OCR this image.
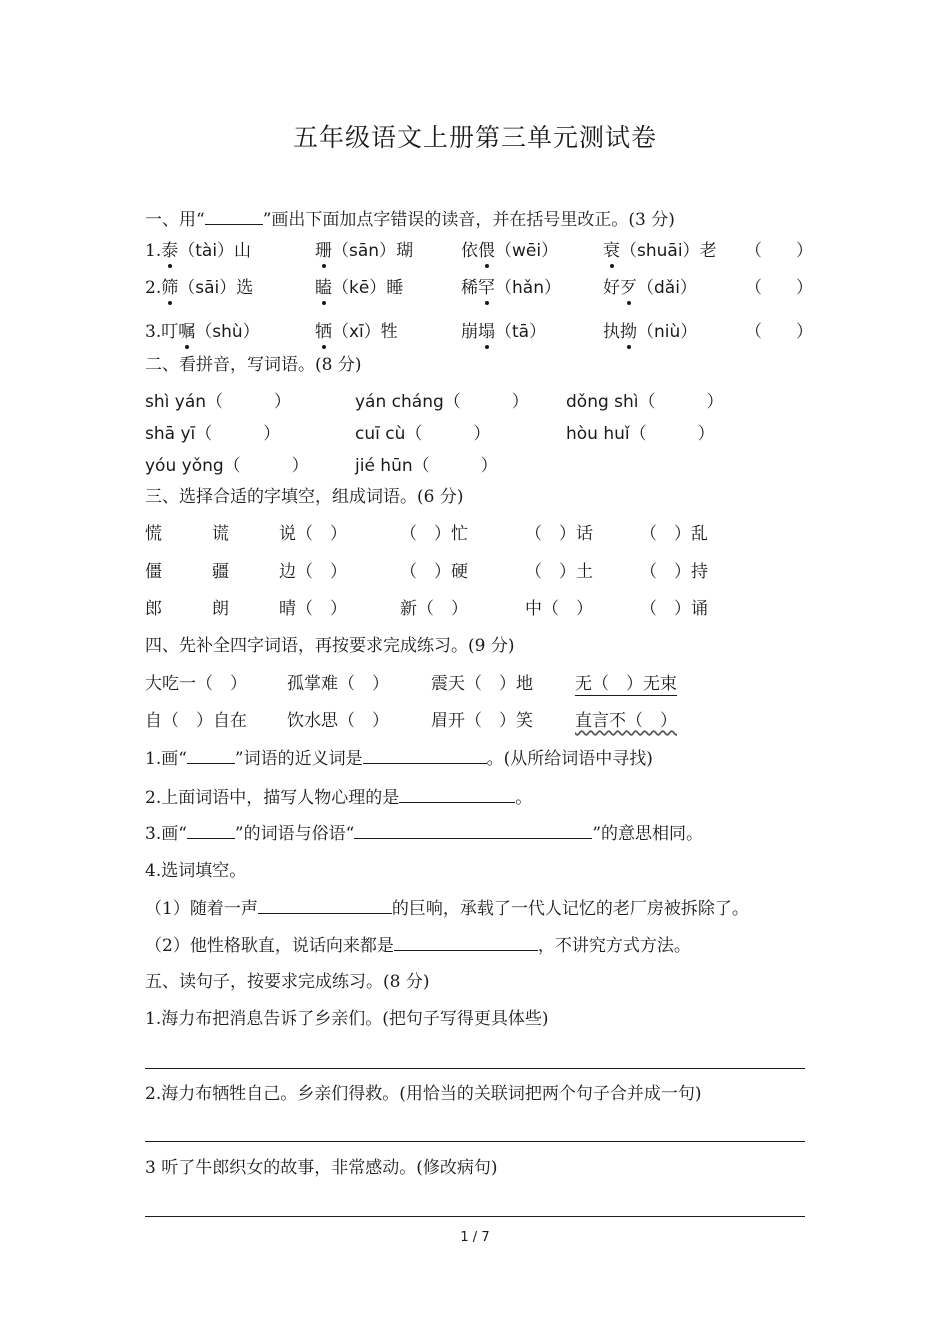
五年级语文上册第三单元测试卷
一、用“	”画出下面加点字错误的读音，并在括号里改正。(3 分)
1.泰（tài）山	珊（sān）瑚	依偎（wēi）	衰（shuāi）老 （　　）
2.筛（sāi）选	瞌（kē）睡	稀罕（hǎn） 好歹（dǎi）	（　　）
3.叮嘱（shù）	牺（xī）牲	崩塌（tā）	执拗（niù）	（　　）
二、看拼音，写词语。(8 分)
shì yán（　　　）	yán cháng（　　　） dǒng shì（　　　）
shā yī（　　　）	cuī cù（　　　）	hòu huǐ（　　　）
yóu yǒng（　　　）	jié hūn（　　　）
三、选择合适的字填空，组成词语。(6 分)
慌	谎	说（　）	（　）忙	（　）话	（　）乱
僵	疆	边（　）	（　）硬	（　）土	（　）持
郎	朗	晴（　）	新（　）	中（　）	（　）诵
四、先补全四字词语，再按要求完成练习。(9 分)
大吃一（　） 孤掌难（　） 震天（　）地 无（　）无束
自（　）自在 饮水思（　） 眉开（　）笑 直言不（　）
1.画“	”词语的近义词是	。(从所给词语中寻找)
2.上面词语中，描写人物心理的是	。
3.画“	”的词语与俗语“	”的意思相同。
4.选词填空。
（1）随着一声	的巨响，承载了一代人记忆的老厂房被拆除了。
（2）他性格耿直，说话向来都是	，不讲究方式方法。
五、读句子，按要求完成练习。(8 分)
1.海力布把消息告诉了乡亲们。(把句子写得更具体些)
2.海力布牺牲自己。乡亲们得救。(用恰当的关联词把两个句子合并成一句)
3 听了牛郎织女的故事，非常感动。(修改病句)
1 / 7
